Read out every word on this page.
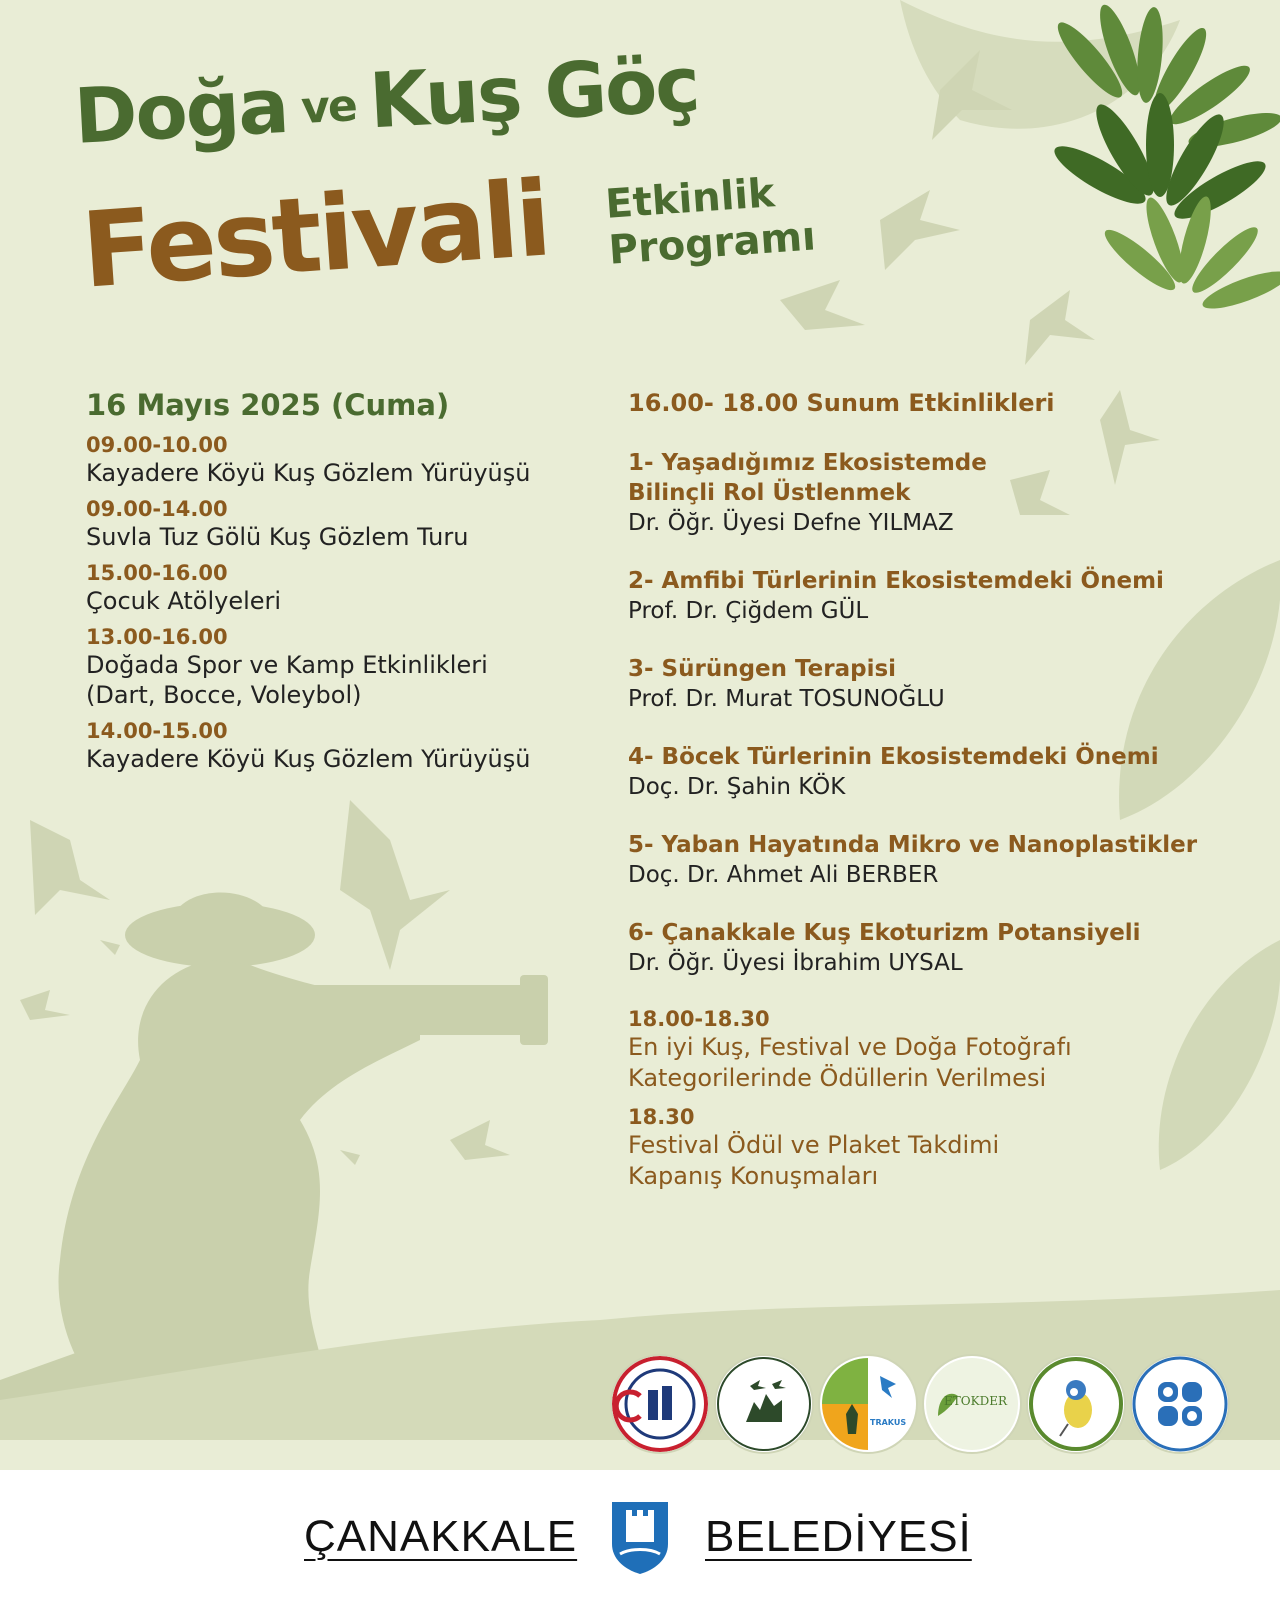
Doğa ve Kuş Göç
Festivali Etkinlik
Programı
16 Mayıs 2025 (Cuma)
09.00-10.00
Kayadere Köyü Kuş Gözlem Yürüyüşü
09.00-14.00
Suvla Tuz Gölü Kuş Gözlem Turu
15.00-16.00
Çocuk Atölyeleri
13.00-16.00
Doğada Spor ve Kamp Etkinlikleri
(Dart, Bocce, Voleybol)
14.00-15.00
Kayadere Köyü Kuş Gözlem Yürüyüşü
16.00- 18.00 Sunum Etkinlikleri
1- Yaşadığımız Ekosistemde
Bilinçli Rol Üstlenmek
Dr. Öğr. Üyesi Defne YILMAZ
2- Amfibi Türlerinin Ekosistemdeki Önemi
Prof. Dr. Çiğdem GÜL
3- Sürüngen Terapisi
Prof. Dr. Murat TOSUNOĞLU
4- Böcek Türlerinin Ekosistemdeki Önemi
Doç. Dr. Şahin KÖK
5- Yaban Hayatında Mikro ve Nanoplastikler
Doç. Dr. Ahmet Ali BERBER
6- Çanakkale Kuş Ekoturizm Potansiyeli
Dr. Öğr. Üyesi İbrahim UYSAL
18.00-18.30
En iyi Kuş, Festival ve Doğa Fotoğrafı
Kategorilerinde Ödüllerin Verilmesi
18.30
Festival Ödül ve Plaket Takdimi
Kapanış Konuşmaları
TRAKUS
ETOKDER
ÇANAKKALE	BELEDİYESİ
